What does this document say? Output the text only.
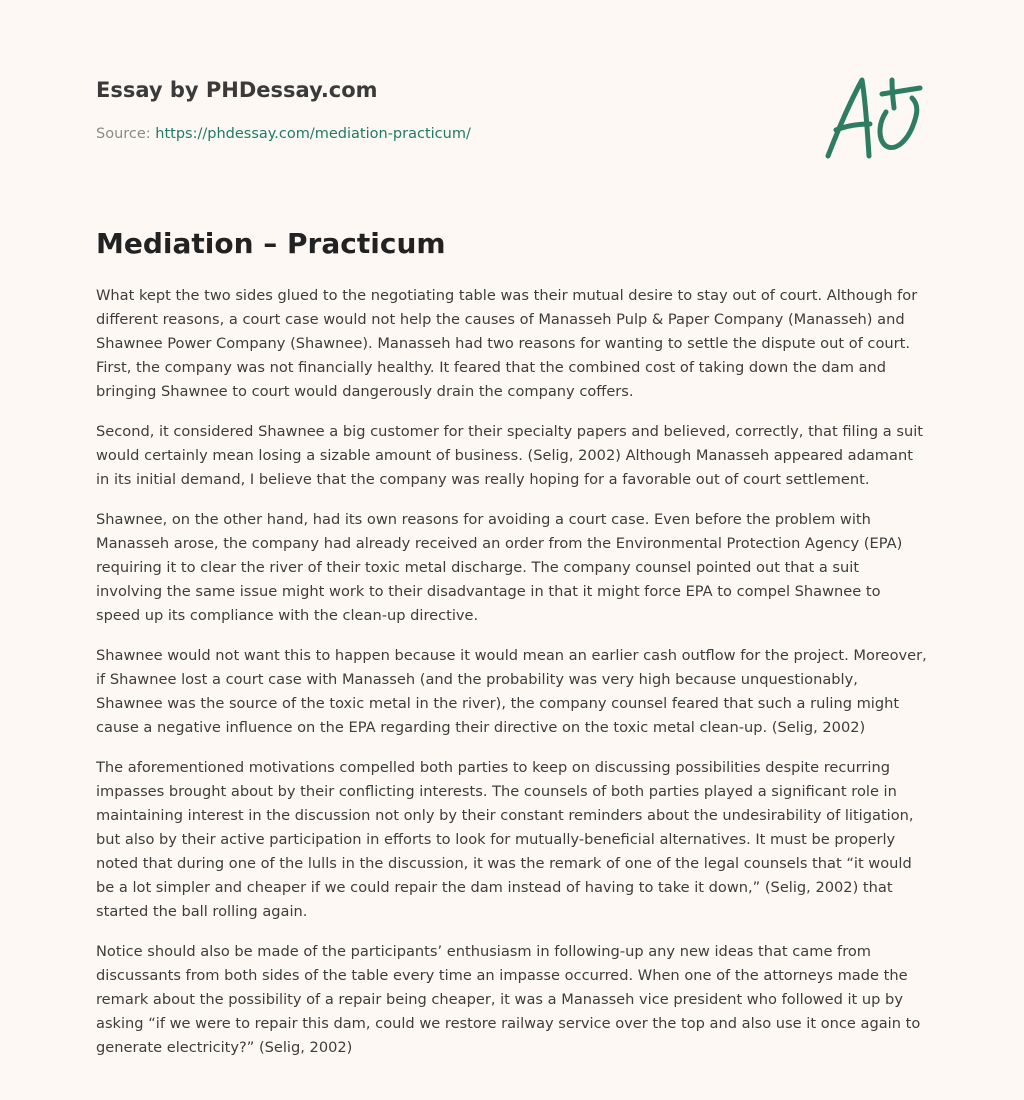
Essay by PHDessay.com
Source: https://phdessay.com/mediation-practicum/
Mediation – Practicum

What kept the two sides glued to the negotiating table was their mutual desire to stay out of court. Although for different reasons, a court case would not help the causes of Manasseh Pulp & Paper Company (Manasseh) and Shawnee Power Company (Shawnee). Manasseh had two reasons for wanting to settle the dispute out of court. First, the company was not financially healthy. It feared that the combined cost of taking down the dam and bringing Shawnee to court would dangerously drain the company coffers.

Second, it considered Shawnee a big customer for their specialty papers and believed, correctly, that filing a suit would certainly mean losing a sizable amount of business. (Selig, 2002) Although Manasseh appeared adamant in its initial demand, I believe that the company was really hoping for a favorable out of court settlement.

Shawnee, on the other hand, had its own reasons for avoiding a court case. Even before the problem with Manasseh arose, the company had already received an order from the Environmental Protection Agency (EPA) requiring it to clear the river of their toxic metal discharge. The company counsel pointed out that a suit involving the same issue might work to their disadvantage in that it might force EPA to compel Shawnee to speed up its compliance with the clean-up directive.

Shawnee would not want this to happen because it would mean an earlier cash outflow for the project. Moreover, if Shawnee lost a court case with Manasseh (and the probability was very high because unquestionably, Shawnee was the source of the toxic metal in the river), the company counsel feared that such a ruling might cause a negative influence on the EPA regarding their directive on the toxic metal clean-up. (Selig, 2002)

The aforementioned motivations compelled both parties to keep on discussing possibilities despite recurring impasses brought about by their conflicting interests. The counsels of both parties played a significant role in maintaining interest in the discussion not only by their constant reminders about the undesirability of litigation, but also by their active participation in efforts to look for mutually-beneficial alternatives. It must be properly noted that during one of the lulls in the discussion, it was the remark of one of the legal counsels that “it would be a lot simpler and cheaper if we could repair the dam instead of having to take it down,” (Selig, 2002) that started the ball rolling again.

Notice should also be made of the participants’ enthusiasm in following-up any new ideas that came from discussants from both sides of the table every time an impasse occurred. When one of the attorneys made the remark about the possibility of a repair being cheaper, it was a Manasseh vice president who followed it up by asking “if we were to repair this dam, could we restore railway service over the top and also use it once again to generate electricity?” (Selig, 2002)
